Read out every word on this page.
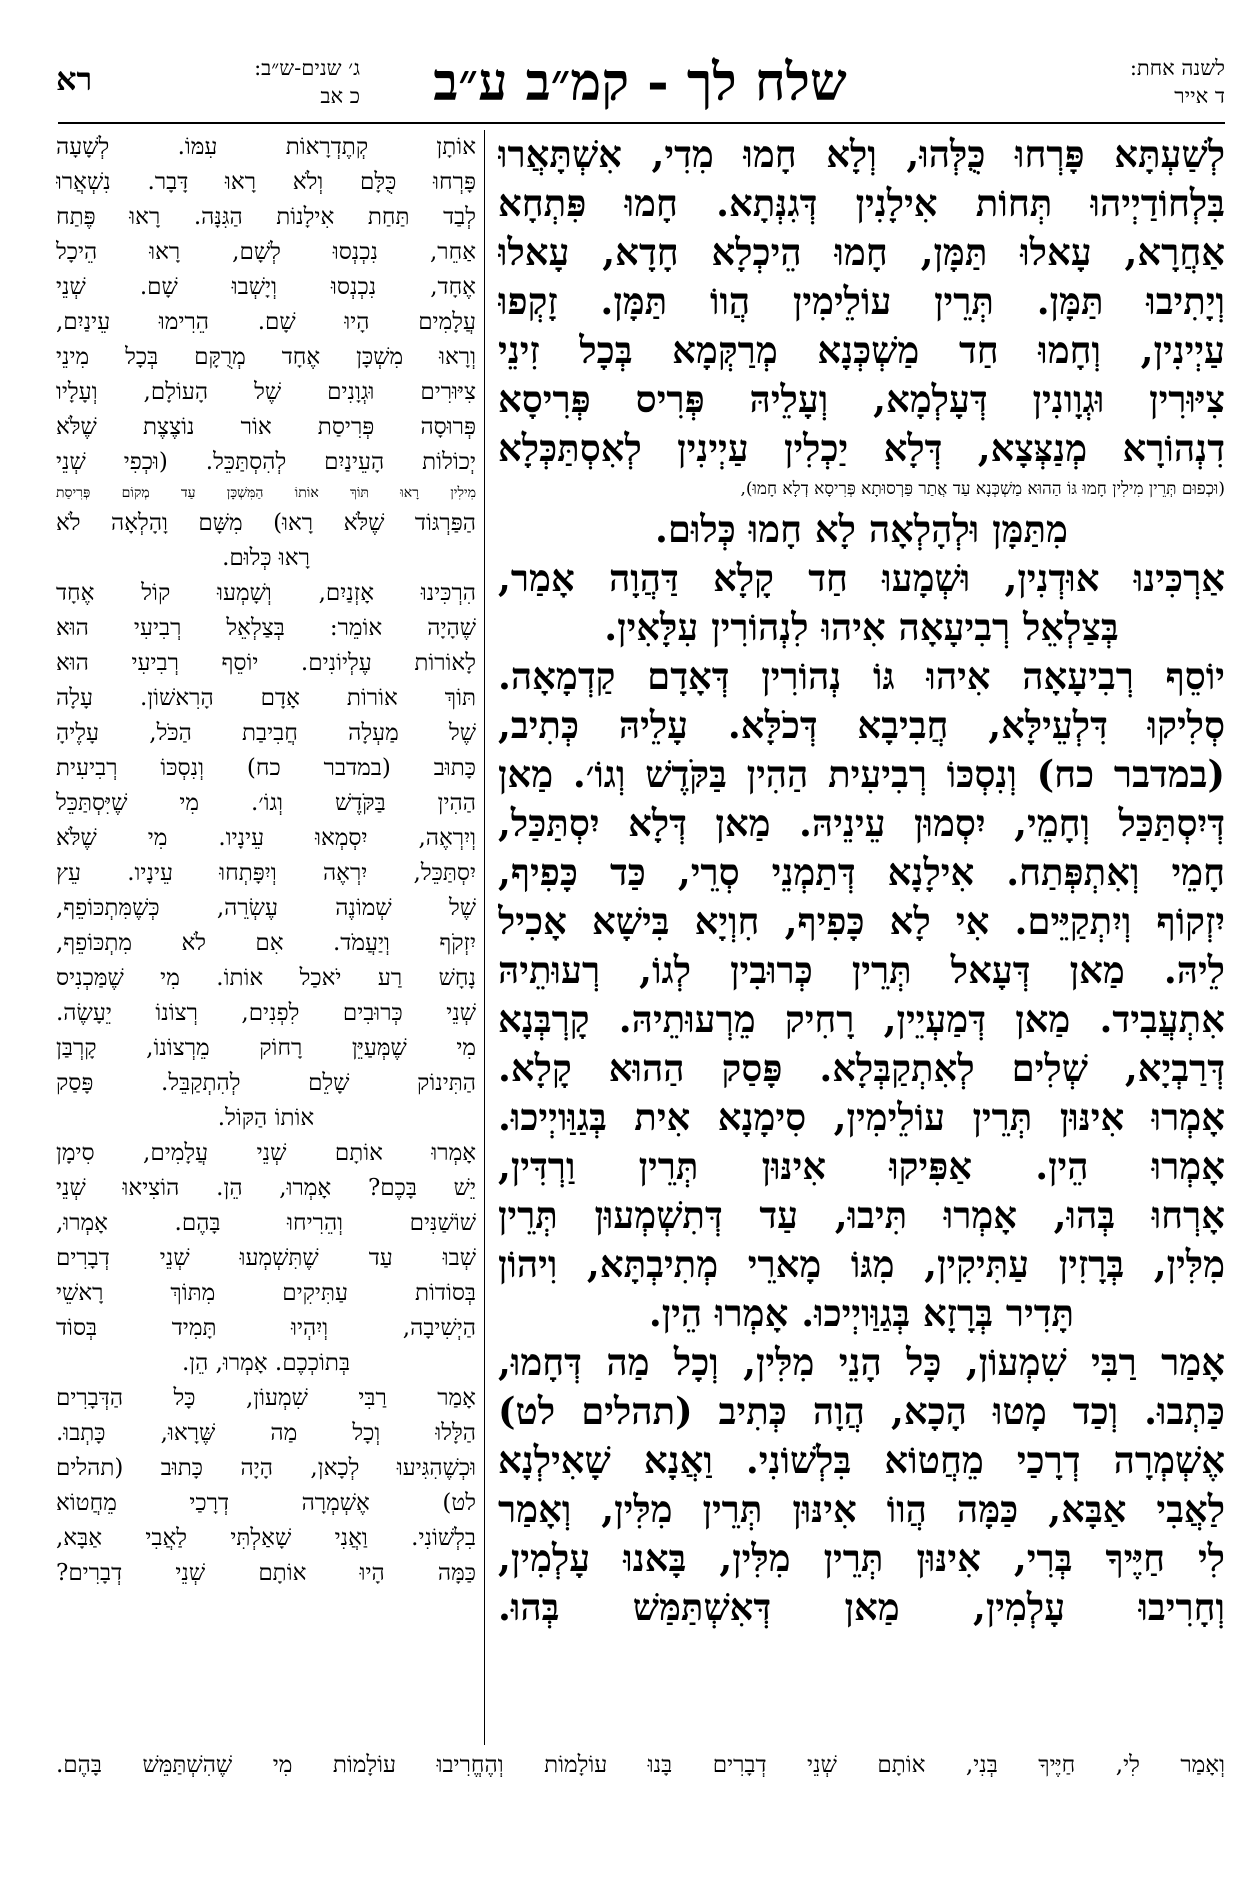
לשנה אחת:
ד אייר
שלח לך - קמ״ב ע״ב
ג׳ שנים-ש״ב:
כ אב
רא
לְשַׁעְתָּא פָּרְחוּ כֻּלְּהוּ, וְלָא חָמוּ מִדִי, אִשְׁתָּאֲרוּ
בִּלְחוֹדַיְיהוּ תְּחוֹת אִילָנִין דְּגִנְּתָא. חָמוּ פִּתְחָא
אַחֲרָא, עָאלוּ תַּמָּן, חָמוּ הֵיכְלָא חָדָא, עָאלוּ
וְיָתִיבוּ תַּמָּן. תְּרֵין עוֹלֵימִין הֲווֹ תַּמָּן. זָקְפוּ
עַיְינִין, וְחָמוּ חַד מַשְׁכְּנָא מְרַקְּמָא בְּכָל זִינֵי
צִיּוּרִין וּגְוָונִין דְּעָלְמָא, וְעָלֵיהּ פְּרִיס פְּרִיסָא
דִנְהוֹרָא מְנַצְּצָא, דְּלָא יַכְלִין עַיְינִין לְאִסְתַּכְּלָא
(וּכְפוּם תְּרֵין מִילִין חָמוּ גּוֹ הַהוּא מַשְׁכְּנָא עַד אֲתַר פַּרְסוּתָא פְּרִיסָא דְלָא חָמוּ),
מִתַּמָּן וּלְהָלְאָה לָא חָמוּ כְּלוּם.
אַרְכִּינוּ אוּדְנִין, וּשְׁמָעוּ חַד קָלָא דַּהֲוָה אָמַר,
בְּצַלְאֵל רְבִיעָאָה אִיהוּ לִנְהוֹרִין עִלָּאִין.
יוֹסֵף רְבִיעָאָה אִיהוּ גּוֹ נְהוֹרִין דְּאָדָם קַדְמָאָה.
סְלִיקוּ דִּלְעֵילָּא, חֲבִיבָא דְּכֹלָּא. עָלֵיהּ כְּתִיב,
(במדבר כח) וְנִסְכּוֹ רְבִיעִית הַהִין בַּקֹּדֶשׁ וְגוֹ׳. מַאן
דְּיִסְתַּכַּל וְחָמֵי, יִסְמוּן עֵינֵיהּ. מַאן דְּלָא יִסְתַּכַּל,
חָמֵי וְאִתְפְּתַח. אִילָנָא דְּתַמְנֵי סְרֵי, כַּד כָּפִיף,
יִזְקוֹף וְיִתְקַיֵּים. אִי לָא כָּפִיף, חִוְיָא בִּישָׁא אָכִיל
לֵיהּ. מַאן דְּעָאל תְּרֵין כְּרוּבִין לְגוֹ, רְעוּתֵיהּ
אִתְעֲבִיד. מַאן דְּמַעְיֵין, רָחִיק מֵרְעוּתֵיהּ. קָרְבְּנָא
דְּרַבְיָא, שְׁלִים לְאִתְקַבְּלָא. פָּסַק הַהוּא קָלָא.
אָמְרוּ אִינּוּן תְּרֵין עוֹלֵימִין, סִימָנָא אִית בְּגַוַּויְיכוּ.
אָמְרוּ הֵין. אַפִּיקוּ אִינּוּן תְּרֵין וַרְדִּין,
אָרְחוּ בְּהוּ, אָמְרוּ תִּיבוּ, עַד דְּתִשְׁמְעוּן תְּרֵין
מִלִּין, בְּרָזִין עַתִּיקִין, מִגּוֹ מָארֵי מְתִיבְתָּא, וִיהוֹן
תָּדִיר בְּרָזָא בְּגַוַּויְיכוּ. אָמְרוּ הֵין.
אָמַר רַבִּי שִׁמְעוֹן, כָּל הָנֵי מִלִּין, וְכָל מַה דְּחָמוּ,
כַּתְבוּ. וְכַד מָטוּ הָכָא, הֲוָה כְּתִיב (תהלים לט)
אֶשְׁמְרָה דְרָכַי מֵחֲטוֹא בִּלְשׁוֹנִי. וַאֲנָא שָׁאִילְנָא
לַאֲבִי אַבָּא, כַּמָּה הֲווֹ אִינּוּן תְּרֵין מִלִּין, וְאָמַר
לִי חַיֶּיךָ בְּרִי, אִינּוּן תְּרֵין מִלִּין, בָּאנוּ עָלְמִין,
וְחָרִיבוּ עָלְמִין, מַאן דְּאִשְׁתַּמַּשׁ בְּהוּ.
אוֹתָן קְתֶדְרָאוֹת עִמּוֹ. לְשָׁעָה
פָּרְחוּ כֻּלָּם וְלֹא רָאוּ דָּבָר. נִשְׁאֲרוּ
לְבַד תַּחַת אִילָנוֹת הַגִּנָּה. רָאוּ פֶּתַח
אַחֵר, נִכְנְסוּ לְשָׁם, רָאוּ הֵיכָל
אֶחָד, נִכְנְסוּ וְיָשְׁבוּ שָׁם. שְׁנֵי
עֲלָמִים הָיוּ שָׁם. הֵרִימוּ עֵינַיִם,
וְרָאוּ מִשְׁכָּן אֶחָד מְרֻקָּם בְּכָל מִינֵי
צִיּוּרִים וּגְוָנִים שֶׁל הָעוֹלָם, וְעָלָיו
פְּרוּסָה פְּרִיסַת אוֹר נוֹצֶצֶת שֶׁלֹּא
יְכוֹלוֹת הָעֵינַיִם לְהִסְתַּכֵּל. (וּכְפִי שְׁנֵי
מִילִין רָאוּ תּוֹךְ אוֹתוֹ הַמִּשְׁכָּן עַד מְקוֹם פְּרִיסַת
הַפַּרְגּוֹד שֶׁלֹּא רָאוּ) מִשָּׁם וָהָלְאָה לֹא
רָאוּ כְּלוּם.
הִרְכִּינוּ אָזְנַיִם, וְשָׁמְעוּ קוֹל אֶחָד
שֶׁהָיָה אוֹמֵר: בְּצַלְאֵל רְבִיעִי הוּא
לָאוֹרוֹת עֶלְיוֹנִים. יוֹסֵף רְבִיעִי הוּא
תּוֹךְ אוֹרוֹת אָדָם הָרִאשׁוֹן. עָלָה
שֶׁל מַעְלָה חֲבִיבַת הַכֹּל, עָלֶיהָ
כָּתוּב (במדבר כח) וְנִסְכּוֹ רְבִיעִית
הַהִין בַּקֹּדֶשׁ וְגוֹ׳. מִי שֶׁיִּסְתַּכֵּל
וְיִרְאֶה, יִסְמְאוּ עֵינָיו. מִי שֶׁלֹּא
יִסְתַּכֵּל, יִרְאֶה וְיִפָּתְחוּ עֵינָיו. עֵץ
שֶׁל שְׁמוֹנֶה עֶשְׂרֵה, כְּשֶׁמִּתְכּוֹפֵף,
יִזְקֹף וְיַעֲמֹד. אִם לֹא מִתְכּוֹפֵף,
נָחָשׁ רַע יֹאכַל אוֹתוֹ. מִי שֶׁמַּכְנִיס
שְׁנֵי כְּרוּבִים לִפְנִים, רְצוֹנוֹ יֵעָשֶׂה.
מִי שֶׁמְּעַיֵּן רָחוֹק מֵרְצוֹנוֹ, קָרְבַּן
הַתִּינוֹק שָׁלֵם לְהִתְקַבֵּל. פָּסַק
אוֹתוֹ הַקּוֹל.
אָמְרוּ אוֹתָם שְׁנֵי עֲלָמִים, סִימָן
יֵשׁ בָּכֶם? אָמְרוּ, הֵן. הוֹצִיאוּ שְׁנֵי
שׁוֹשַׁנִּים וְהֵרִיחוּ בָּהֶם. אָמְרוּ,
שְׁבוּ עַד שֶׁתִּשְׁמְעוּ שְׁנֵי דְבָרִים
בְּסוֹדוֹת עַתִּיקִים מִתּוֹךְ רָאשֵׁי
הַיְשִׁיבָה, וְיִהְיוּ תָּמִיד בְּסוֹד
בְּתוֹכְכֶם. אָמְרוּ, הֵן.
אָמַר רַבִּי שִׁמְעוֹן, כָּל הַדְּבָרִים
הַלָּלוּ וְכָל מַה שֶּׁרָאוּ, כָּתְבוּ.
וּכְשֶׁהִגִּיעוּ לְכָאן, הָיָה כָּתוּב (תהלים
לט) אֶשְׁמְרָה דְרָכַי מֵחֲטוֹא
בִלְשׁוֹנִי. וַאֲנִי שָׁאַלְתִּי לַאֲבִי אַבָּא,
כַּמָּה הָיוּ אוֹתָם שְׁנֵי דְבָרִים?
וְאָמַר לִי, חַיֶּיךָ בְּנִי, אוֹתָם שְׁנֵי דְבָרִים בָּנוּ עוֹלָמוֹת וְהֶחֱרִיבוּ עוֹלָמוֹת מִי שֶׁהִשְׁתַּמֵּשׁ בָּהֶם.
